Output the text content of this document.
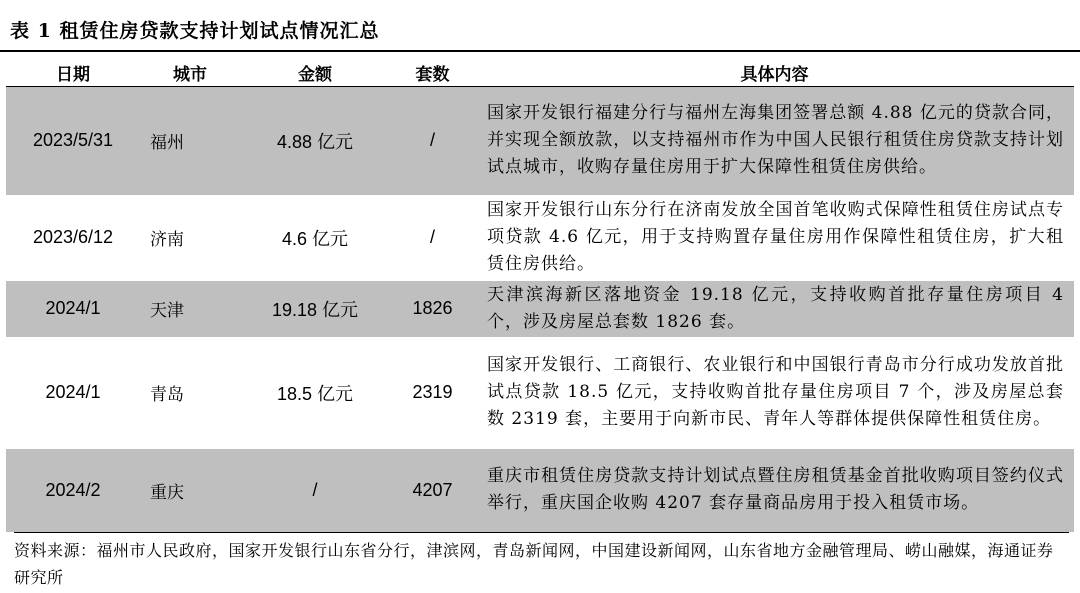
表 1 租赁住房贷款支持计划试点情况汇总
日期	城市	金额	套数	具体内容
2023/5/31	福州	4.88 亿元	/	国家开发银行福建分行与福州左海集团签署总额 4.88 亿元的贷款合同，并实现全额放款，以支持福州市作为中国人民银行租赁住房贷款支持计划试点城市，收购存量住房用于扩大保障性租赁住房供给。
2023/6/12	济南	4.6 亿元	/	国家开发银行山东分行在济南发放全国首笔收购式保障性租赁住房试点专项贷款 4.6 亿元，用于支持购置存量住房用作保障性租赁住房，扩大租赁住房供给。
2024/1	天津	19.18 亿元	1826	天津滨海新区落地资金 19.18 亿元，支持收购首批存量住房项目 4 个，涉及房屋总套数 1826 套。
2024/1	青岛	18.5 亿元	2319	国家开发银行、工商银行、农业银行和中国银行青岛市分行成功发放首批试点贷款 18.5 亿元，支持收购首批存量住房项目 7 个，涉及房屋总套数 2319 套，主要用于向新市民、青年人等群体提供保障性租赁住房。
2024/2	重庆	/	4207	重庆市租赁住房贷款支持计划试点暨住房租赁基金首批收购项目签约仪式举行，重庆国企收购 4207 套存量商品房用于投入租赁市场。
资料来源：福州市人民政府，国家开发银行山东省分行，津滨网，青岛新闻网，中国建设新闻网，山东省地方金融管理局、崂山融媒，海通证券研究所
